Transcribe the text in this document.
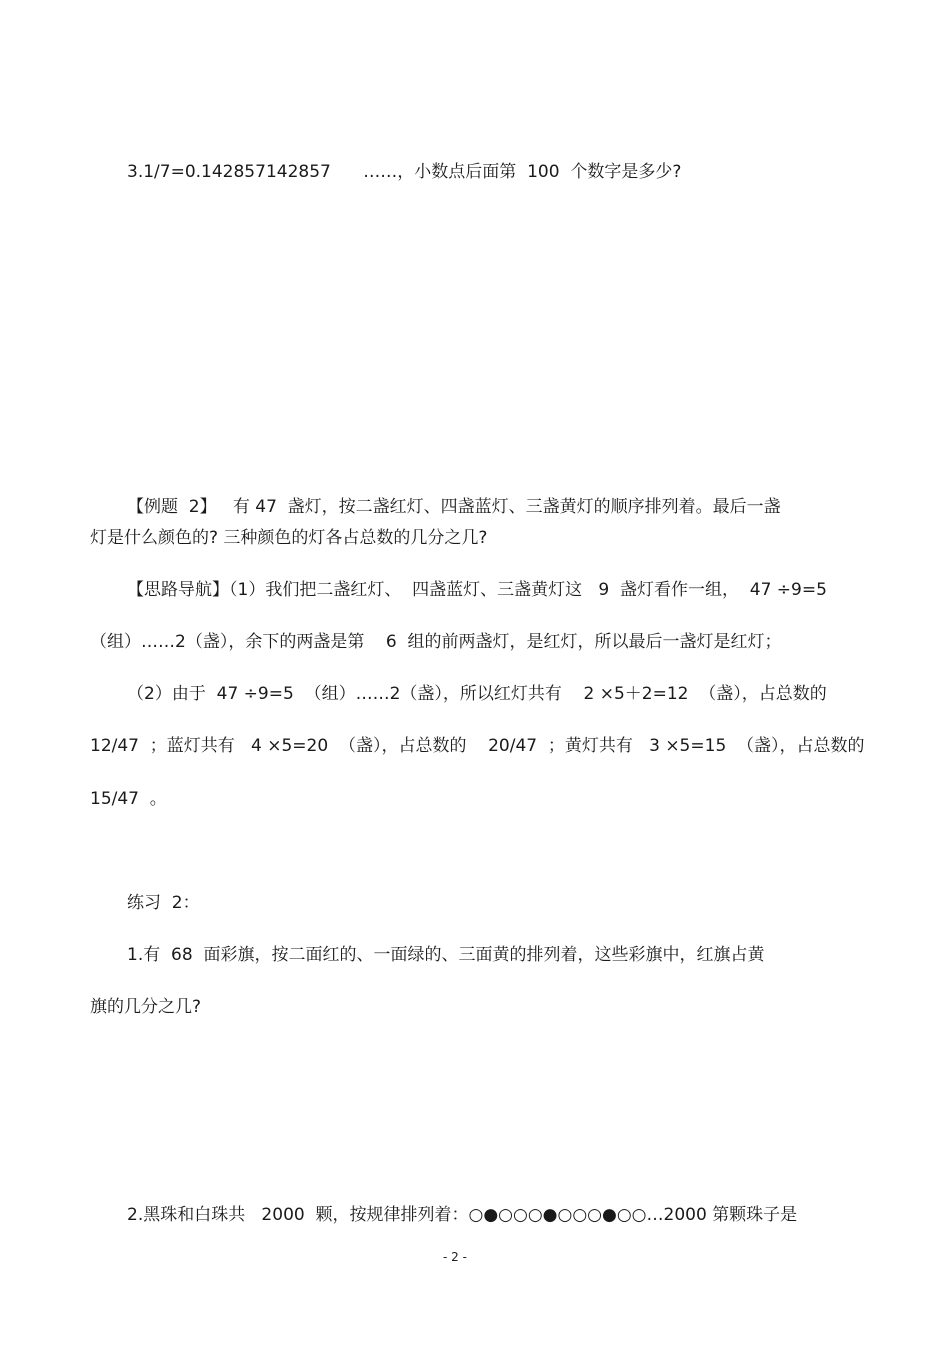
3.1/7=0.142857142857      ……，小数点后面第  100  个数字是多少?

【例题  2】 有 47  盏灯，按二盏红灯、四盏蓝灯、三盏黄灯的顺序排列着。最后一盏

灯是什么颜色的? 三种颜色的灯各占总数的几分之几?

【思路导航】（1）我们把二盏红灯、  四盏蓝灯、三盏黄灯这   9  盏灯看作一组，  47 ÷9=5

（组）……2（盏），余下的两盏是第    6  组的前两盏灯，是红灯，所以最后一盏灯是红灯；

（2）由于  47 ÷9=5  （组）……2（盏），所以红灯共有    2 ×5＋2=12  （盏），占总数的

12/47  ；蓝灯共有   4 ×5=20  （盏），占总数的    20/47  ；黄灯共有   3 ×5=15  （盏），占总数的

15/47  。

练习  2：

1.有  68  面彩旗，按二面红的、一面绿的、三面黄的排列着，这些彩旗中，红旗占黄

旗的几分之几?

2.黑珠和白珠共   2000  颗，按规律排列着：○●○○○●○○○●○○…2000 第颗珠子是

- 2 -
